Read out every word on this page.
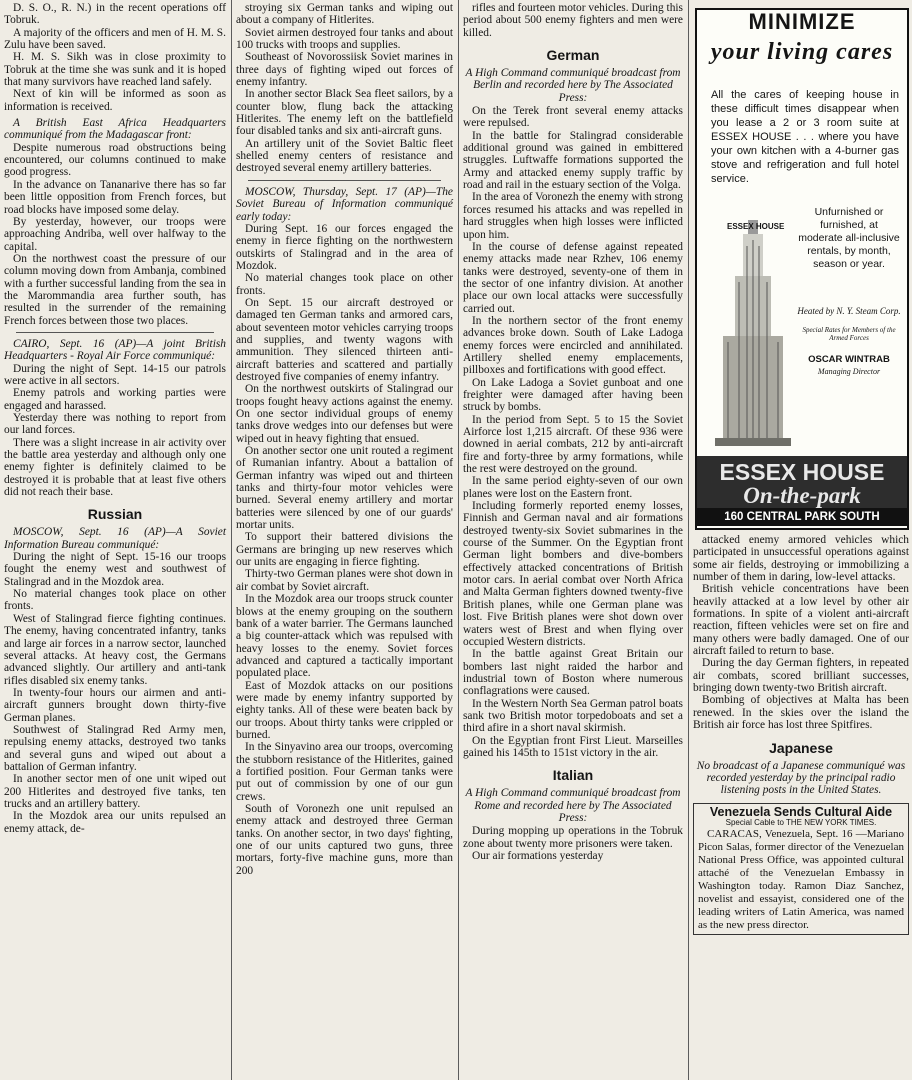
D. S. O., R. N.) in the recent operations off Tobruk.

A majority of the officers and men of H. M. S. Zulu have been saved.

H. M. S. Sikh was in close proximity to Tobruk at the time she was sunk and it is hoped that many survivors have reached land safely.

Next of kin will be informed as soon as information is received.

A British East Africa Headquarters communiqué from the Madagascar front:

Despite numerous road obstructions being encountered, our columns continued to make good progress.

In the advance on Tananarive there has so far been little opposition from French forces, but road blocks have imposed some delay.

By yesterday, however, our troops were approaching Andriba, well over halfway to the capital.

On the northwest coast the pressure of our column moving down from Ambanja, combined with a further successful landing from the sea in the Marommandia area further south, has resulted in the surrender of the remaining French forces between those two places.

CAIRO, Sept. 16 (AP)—A joint British Headquarters - Royal Air Force communiqué:

During the night of Sept. 14-15 our patrols were active in all sectors.

Enemy patrols and working parties were engaged and harassed.

Yesterday there was nothing to report from our land forces.

There was a slight increase in air activity over the battle area yesterday and although only one enemy fighter is definitely claimed to be destroyed it is probable that at least five others did not reach their base.

Russian

MOSCOW, Sept. 16 (AP)—A Soviet Information Bureau communiqué:

During the night of Sept. 15-16 our troops fought the enemy west and southwest of Stalingrad and in the Mozdok area.

No material changes took place on other fronts.

West of Stalingrad fierce fighting continues. The enemy, having concentrated infantry, tanks and large air forces in a narrow sector, launched several attacks. At heavy cost, the Germans advanced slightly. Our artillery and anti-tank rifles disabled six enemy tanks.

In twenty-four hours our airmen and anti-aircraft gunners brought down thirty-five German planes.

Southwest of Stalingrad Red Army men, repulsing enemy attacks, destroyed two tanks and several guns and wiped out about a battalion of German infantry.

In another sector men of one unit wiped out 200 Hitlerites and destroyed five tanks, ten trucks and an artillery battery.

In the Mozdok area our units repulsed an enemy attack, de-

stroying six German tanks and wiping out about a company of Hitlerites.

Soviet airmen destroyed four tanks and about 100 trucks with troops and supplies.

Southeast of Novorossiisk Soviet marines in three days of fighting wiped out forces of enemy infantry.

In another sector Black Sea fleet sailors, by a counter blow, flung back the attacking Hitlerites. The enemy left on the battlefield four disabled tanks and six anti-aircraft guns.

An artillery unit of the Soviet Baltic fleet shelled enemy centers of resistance and destroyed several enemy artillery batteries.

MOSCOW, Thursday, Sept. 17 (AP)—The Soviet Bureau of Information communiqué early today:

During Sept. 16 our forces engaged the enemy in fierce fighting on the northwestern outskirts of Stalingrad and in the area of Mozdok.

No material changes took place on other fronts.

On Sept. 15 our aircraft destroyed or damaged ten German tanks and armored cars, about seventeen motor vehicles carrying troops and supplies, and twenty wagons with ammunition. They silenced thirteen anti-aircraft batteries and scattered and partially destroyed five companies of enemy infantry.

On the northwest outskirts of Stalingrad our troops fought heavy actions against the enemy. On one sector individual groups of enemy tanks drove wedges into our defenses but were wiped out in heavy fighting that ensued.

On another sector one unit routed a regiment of Rumanian infantry. About a battalion of German infantry was wiped out and thirteen tanks and thirty-four motor vehicles were burned. Several enemy artillery and mortar batteries were silenced by one of our guards' mortar units.

To support their battered divisions the Germans are bringing up new reserves which our units are engaging in fierce fighting.

Thirty-two German planes were shot down in air combat by Soviet aircraft.

In the Mozdok area our troops struck counter blows at the enemy grouping on the southern bank of a water barrier. The Germans launched a big counter-attack which was repulsed with heavy losses to the enemy. Soviet forces advanced and captured a tactically important populated place.

East of Mozdok attacks on our positions were made by enemy infantry supported by eighty tanks. All of these were beaten back by our troops. About thirty tanks were crippled or burned.

In the Sinyavino area our troops, overcoming the stubborn resistance of the Hitlerites, gained a fortified position. Four German tanks were put out of commission by one of our gun crews.

South of Voronezh one unit repulsed an enemy attack and destroyed three German tanks. On another sector, in two days' fighting, one of our units captured two guns, three mortars, forty-five machine guns, more than 200

rifles and fourteen motor vehicles. During this period about 500 enemy fighters and men were killed.

German

A High Command communiqué broadcast from Berlin and recorded here by The Associated Press:

On the Terek front several enemy attacks were repulsed.

In the battle for Stalingrad considerable additional ground was gained in embittered struggles. Luftwaffe formations supported the Army and attacked enemy supply traffic by road and rail in the estuary section of the Volga.

In the area of Voronezh the enemy with strong forces resumed his attacks and was repelled in hard struggles when high losses were inflicted upon him.

In the course of defense against repeated enemy attacks made near Rzhev, 106 enemy tanks were destroyed, seventy-one of them in the sector of one infantry division. At another place our own local attacks were successfully carried out.

In the northern sector of the front enemy advances broke down. South of Lake Ladoga enemy forces were encircled and annihilated. Artillery shelled enemy emplacements, pillboxes and fortifications with good effect.

On Lake Ladoga a Soviet gunboat and one freighter were damaged after having been struck by bombs.

In the period from Sept. 5 to 15 the Soviet Airforce lost 1,215 aircraft. Of these 936 were downed in aerial combats, 212 by anti-aircraft fire and forty-three by army formations, while the rest were destroyed on the ground.

In the same period eighty-seven of our own planes were lost on the Eastern front.

Including formerly reported enemy losses, Finnish and German naval and air formations destroyed twenty-six Soviet submarines in the course of the Summer. On the Egyptian front German light bombers and dive-bombers effectively attacked concentrations of British motor cars. In aerial combat over North Africa and Malta German fighters downed twenty-five British planes, while one German plane was lost. Five British planes were shot down over waters west of Brest and when flying over occupied Western districts.

In the battle against Great Britain our bombers last night raided the harbor and industrial town of Boston where numerous conflagrations were caused.

In the Western North Sea German patrol boats sank two British motor torpedoboats and set a third afire in a short naval skirmish.

On the Egyptian front First Lieut. Marseilles gained his 145th to 151st victory in the air.

Italian

A High Command communiqué broadcast from Rome and recorded here by The Associated Press:

During mopping up operations in the Tobruk zone about twenty more prisoners were taken.

Our air formations yesterday

MINIMIZE
your living cares
All the cares of keeping house in these difficult times disappear when you lease a 2 or 3 room suite at ESSEX HOUSE . . . where you have your own kitchen with a 4-burner gas stove and refrigeration and full hotel service.
ESSEX HOUSE
Unfurnished or furnished, at moderate all-inclusive rentals, by month, season or year.
Heated by N. Y. Steam Corp.
Special Rates for Members of the Armed Forces
OSCAR WINTRAB
Managing Director
ESSEX HOUSE
On-the-park
160 CENTRAL PARK SOUTH

attacked enemy armored vehicles which participated in unsuccessful operations against some air fields, destroying or immobilizing a number of them in daring, low-level attacks.

British vehicle concentrations have been heavily attacked at a low level by other air formations. In spite of a violent anti-aircraft reaction, fifteen vehicles were set on fire and many others were badly damaged. One of our aircraft failed to return to base.

During the day German fighters, in repeated air combats, scored brilliant successes, bringing down twenty-two British aircraft.

Bombing of objectives at Malta has been renewed. In the skies over the island the British air force has lost three Spitfires.

Japanese

No broadcast of a Japanese communiqué was recorded yesterday by the principal radio listening posts in the United States.

Venezuela Sends Cultural Aide
Special Cable to THE NEW YORK TIMES.

CARACAS, Venezuela, Sept. 16 —Mariano Picon Salas, former director of the Venezuelan National Press Office, was appointed cultural attaché of the Venezuelan Embassy in Washington today. Ramon Diaz Sanchez, novelist and essayist, considered one of the leading writers of Latin America, was named as the new press director.
